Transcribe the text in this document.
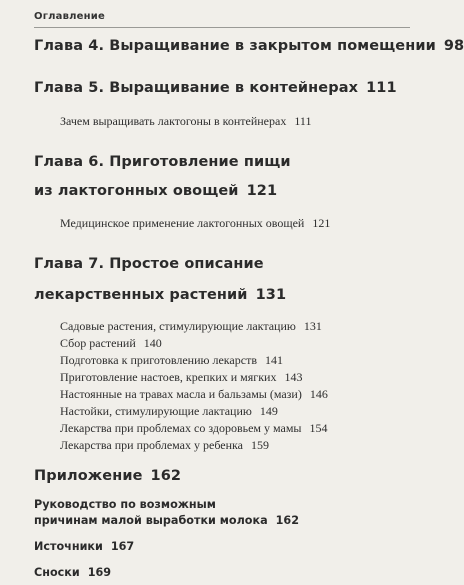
Оглавление
Глава 4. Выращивание в закрытом помещении 98
Глава 5. Выращивание в контейнерах 111
Зачем выращивать лактогоны в контейнерах 111
Глава 6. Приготовление пищи
из лактогонных овощей 121
Медицинское применение лактогонных овощей 121
Глава 7. Простое описание
лекарственных растений 131
Садовые растения, стимулирующие лактацию 131
Сбор растений 140
Подготовка к приготовлению лекарств 141
Приготовление настоев, крепких и мягких 143
Настоянные на травах масла и бальзамы (мази) 146
Настойки, стимулирующие лактацию 149
Лекарства при проблемах со здоровьем у мамы 154
Лекарства при проблемах у ребенка 159
Приложение 162
Руководство по возможным
причинам малой выработки молока 162
Источники 167
Сноски 169
